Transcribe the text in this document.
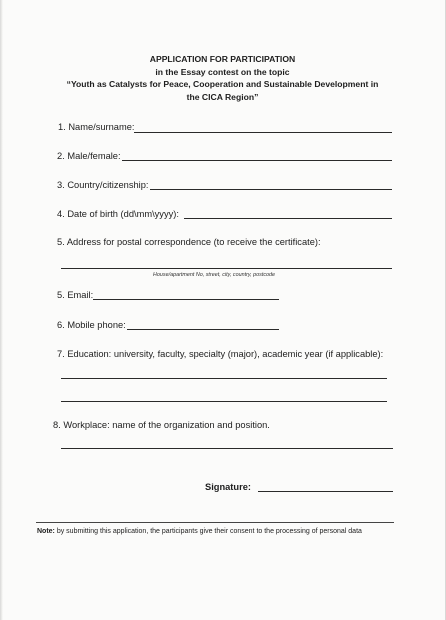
APPLICATION FOR PARTICIPATION
in the Essay contest on the topic
“Youth as Catalysts for Peace, Cooperation and Sustainable Development in
the CICA Region”
1. Name/surname:
2. Male/female:
3. Country/citizenship:
4. Date of birth (dd\mm\yyyy):
5. Address for postal correspondence (to receive the certificate):
House/apartment No, street, city, country, postcode
5. Email:
6. Mobile phone:
7. Education: university, faculty, specialty (major), academic year (if applicable):
8. Workplace: name of the organization and position.
Signature:
Note: by submitting this application, the participants give their consent to the processing of personal data
